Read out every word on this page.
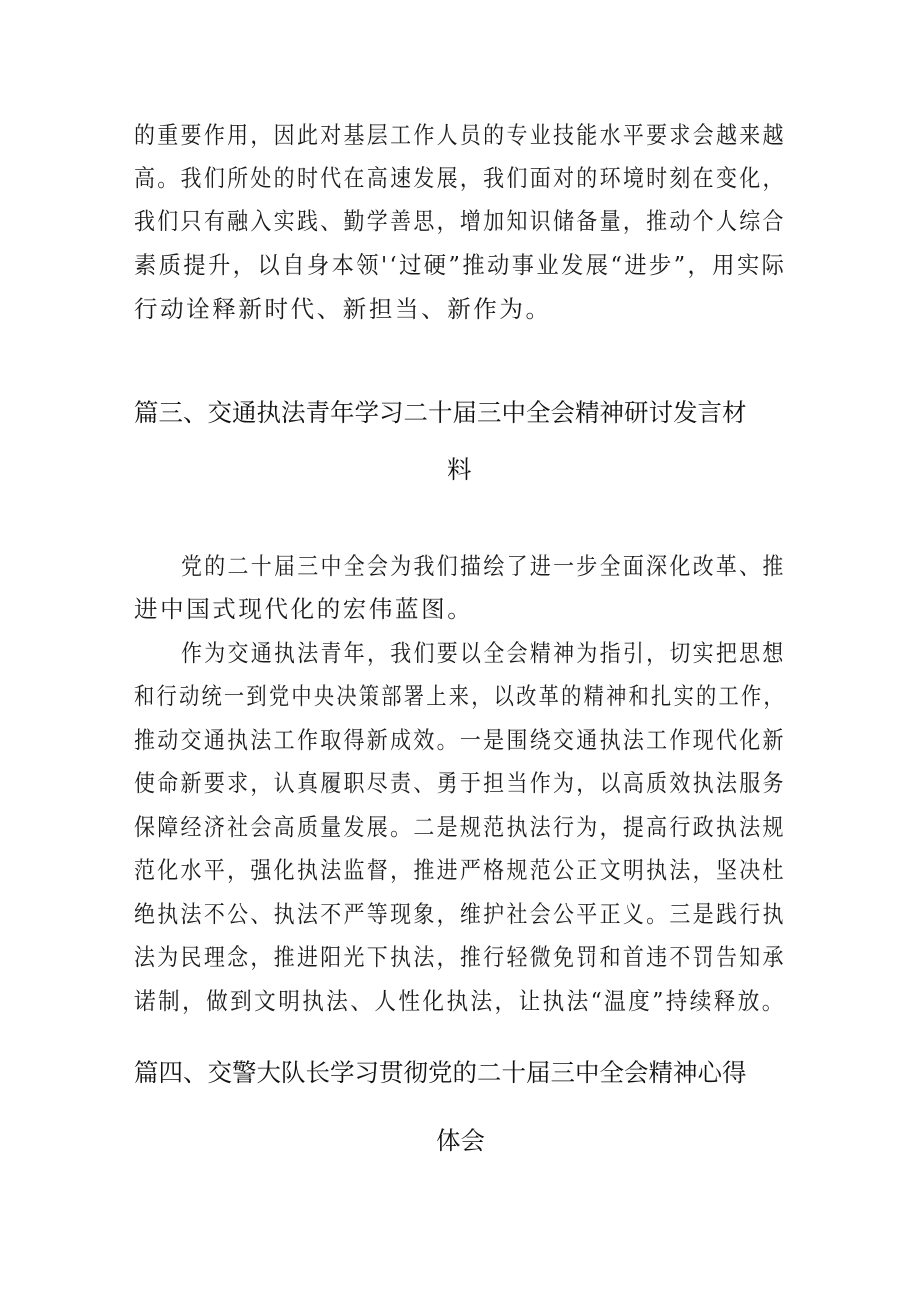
的重要作用，因此对基层工作人员的专业技能水平要求会越来越
高。我们所处的时代在高速发展，我们面对的环境时刻在变化，
我们只有融入实践、勤学善思，增加知识储备量，推动个人综合
素质提升，以自身本领'‘过硬”推动事业发展“进步”，用实际
行动诠释新时代、新担当、新作为。
篇三、交通执法青年学习二十届三中全会精神研讨发言材
料
党的二十届三中全会为我们描绘了进一步全面深化改革、推
进中国式现代化的宏伟蓝图。
作为交通执法青年，我们要以全会精神为指引，切实把思想
和行动统一到党中央决策部署上来，以改革的精神和扎实的工作，
推动交通执法工作取得新成效。一是围绕交通执法工作现代化新
使命新要求，认真履职尽责、勇于担当作为，以高质效执法服务
保障经济社会高质量发展。二是规范执法行为，提高行政执法规
范化水平，强化执法监督，推进严格规范公正文明执法，坚决杜
绝执法不公、执法不严等现象，维护社会公平正义。三是践行执
法为民理念，推进阳光下执法，推行轻微免罚和首违不罚告知承
诺制，做到文明执法、人性化执法，让执法“温度”持续释放。
篇四、交警大队长学习贯彻党的二十届三中全会精神心得
体会
